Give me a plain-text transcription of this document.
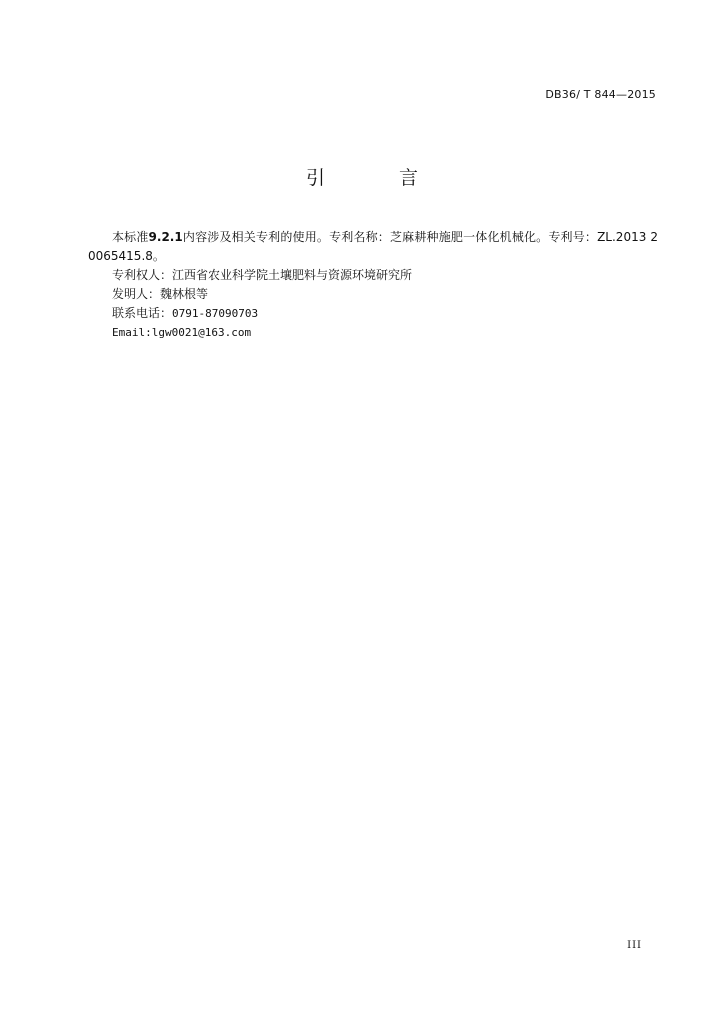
DB36/ T 844—2015
引 言

本标准9.2.1内容涉及相关专利的使用。专利名称：芝麻耕种施肥一体化机械化。专利号：ZL.2013 2 0065415.8。

专利权人：江西省农业科学院土壤肥料与资源环境研究所

发明人：魏林根等

联系电话：0791-87090703

Email:lgw0021@163.com

III
